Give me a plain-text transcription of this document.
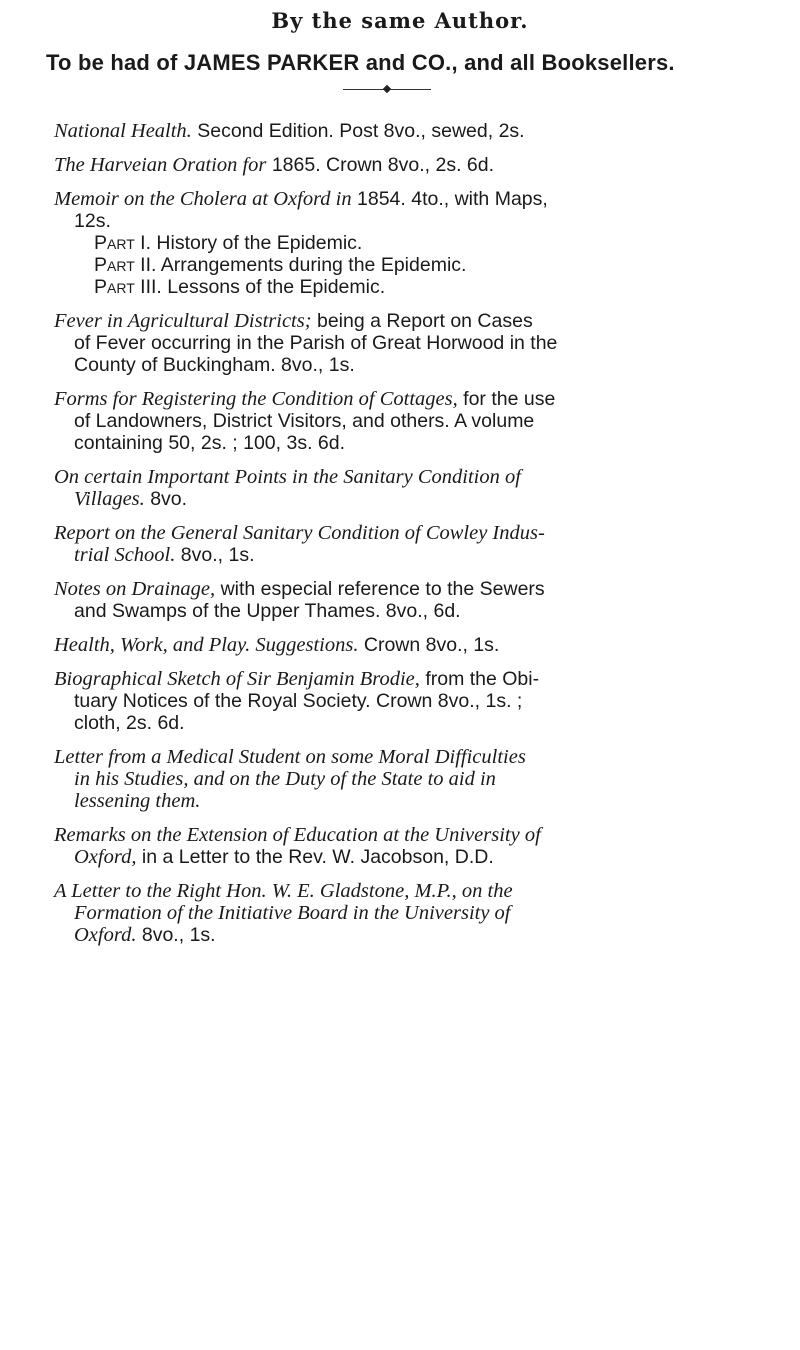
By the same Author.
To be had of JAMES PARKER and CO., and all Booksellers.

National Health. Second Edition. Post 8vo., sewed, 2s.

The Harveian Oration for 1865. Crown 8vo., 2s. 6d.

Memoir on the Cholera at Oxford in 1854. 4to., with Maps,

12s.

Part I. History of the Epidemic.
Part II. Arrangements during the Epidemic.
Part III. Lessons of the Epidemic.

Fever in Agricultural Districts; being a Report on Cases

of Fever occurring in the Parish of Great Horwood in the

County of Buckingham. 8vo., 1s.

Forms for Registering the Condition of Cottages, for the use

of Landowners, District Visitors, and others. A volume

containing 50, 2s. ; 100, 3s. 6d.

On certain Important Points in the Sanitary Condition of

Villages. 8vo.

Report on the General Sanitary Condition of Cowley Indus-

trial School. 8vo., 1s.

Notes on Drainage, with especial reference to the Sewers

and Swamps of the Upper Thames. 8vo., 6d.

Health, Work, and Play. Suggestions. Crown 8vo., 1s.

Biographical Sketch of Sir Benjamin Brodie, from the Obi-

tuary Notices of the Royal Society. Crown 8vo., 1s. ;

cloth, 2s. 6d.

Letter from a Medical Student on some Moral Difficulties

in his Studies, and on the Duty of the State to aid in

lessening them.

Remarks on the Extension of Education at the University of

Oxford, in a Letter to the Rev. W. Jacobson, D.D.

A Letter to the Right Hon. W. E. Gladstone, M.P., on the

Formation of the Initiative Board in the University of

Oxford. 8vo., 1s.
